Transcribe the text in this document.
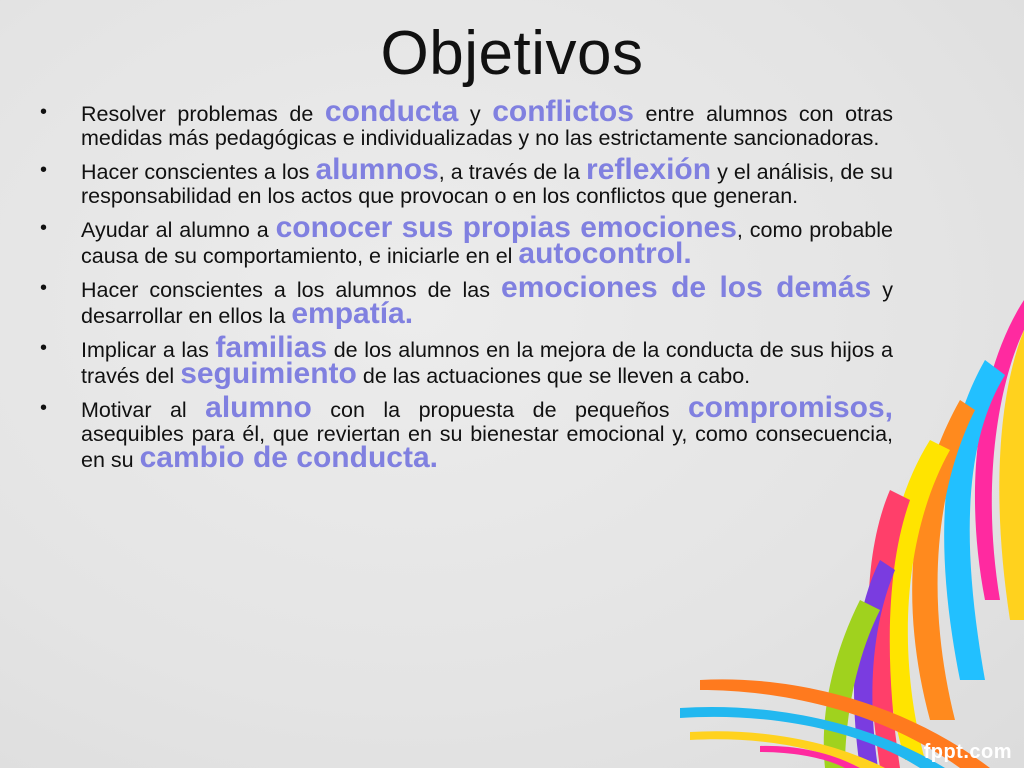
Objetivos
• Resolver problemas de conducta y conflictos entre alumnos con otras medidas más pedagógicas e individualizadas y no las estrictamente sancionadoras.
• Hacer conscientes a los alumnos, a través de la reflexión y el análisis, de su responsabilidad en los actos que provocan o en los conflictos que generan.
• Ayudar al alumno a conocer sus propias emociones, como probable causa de su comportamiento, e iniciarle en el autocontrol.
• Hacer conscientes a los alumnos de las emociones de los demás y desarrollar en ellos la empatía.
• Implicar a las familias de los alumnos en la mejora de la conducta de sus hijos a través del seguimiento de las actuaciones que se lleven a cabo.
• Motivar al alumno con la propuesta de pequeños compromisos, asequibles para él, que reviertan en su bienestar emocional y, como consecuencia, en su cambio de conducta.
fppt.com
